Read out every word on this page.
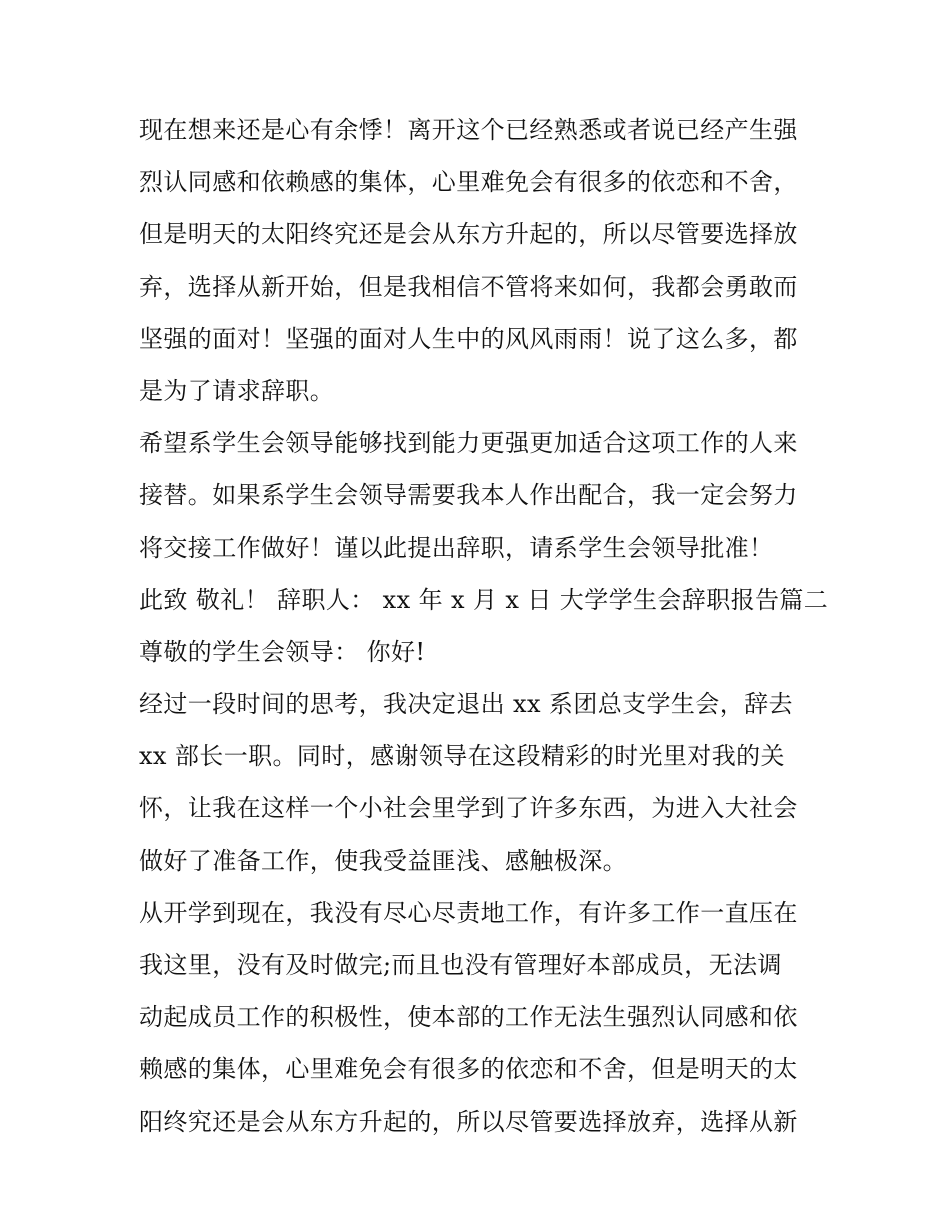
现在想来还是心有余悸！离开这个已经熟悉或者说已经产生强
烈认同感和依赖感的集体，心里难免会有很多的依恋和不舍，
但是明天的太阳终究还是会从东方升起的，所以尽管要选择放
弃，选择从新开始，但是我相信不管将来如何，我都会勇敢而
坚强的面对！坚强的面对人生中的风风雨雨！说了这么多，都
是为了请求辞职。
希望系学生会领导能够找到能力更强更加适合这项工作的人来
接替。如果系学生会领导需要我本人作出配合，我一定会努力
将交接工作做好！谨以此提出辞职，请系学生会领导批准！
此致 敬礼！ 辞职人： xx 年 x 月 x 日 大学学生会辞职报告篇二
尊敬的学生会领导： 你好!
经过一段时间的思考，我决定退出 xx 系团总支学生会，辞去
xx 部长一职。同时，感谢领导在这段精彩的时光里对我的关
怀，让我在这样一个小社会里学到了许多东西，为进入大社会
做好了准备工作，使我受益匪浅、感触极深。
从开学到现在，我没有尽心尽责地工作，有许多工作一直压在
我这里，没有及时做完;而且也没有管理好本部成员，无法调
动起成员工作的积极性，使本部的工作无法生强烈认同感和依
赖感的集体，心里难免会有很多的依恋和不舍，但是明天的太
阳终究还是会从东方升起的，所以尽管要选择放弃，选择从新
